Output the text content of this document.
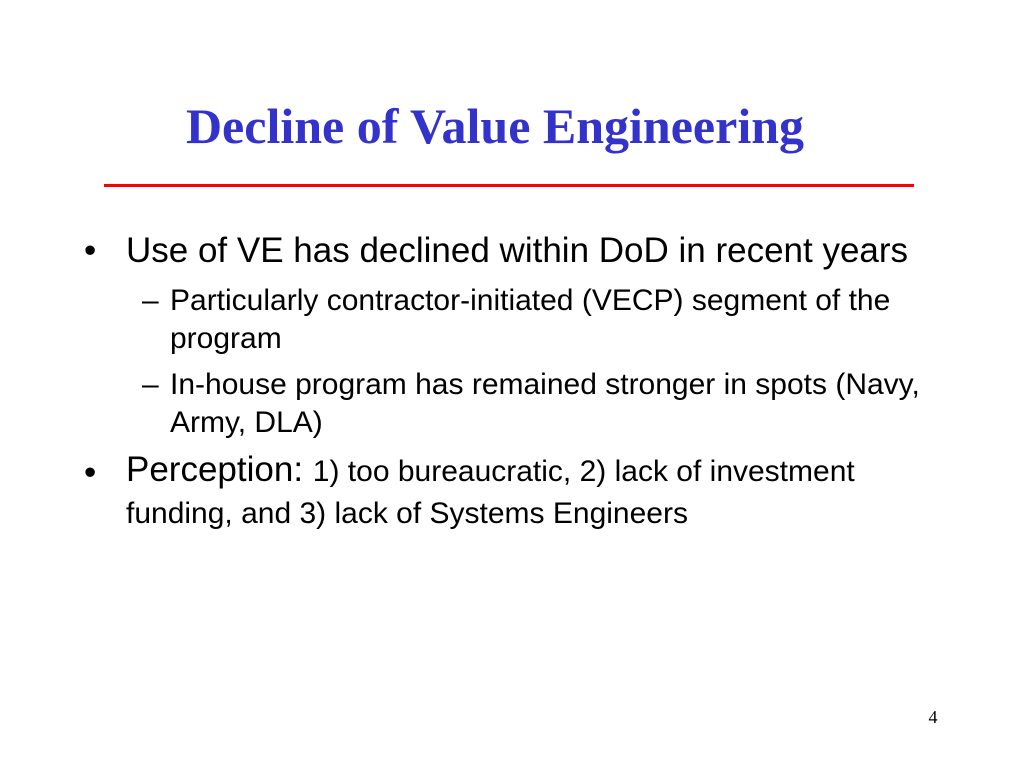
Decline of Value Engineering
• Use of VE has declined within DoD in recent years
– Particularly contractor-initiated (VECP) segment of the program
– In-house program has remained stronger in spots (Navy, Army, DLA)
• Perception: 1) too bureaucratic, 2) lack of investment funding, and 3) lack of Systems Engineers
4
